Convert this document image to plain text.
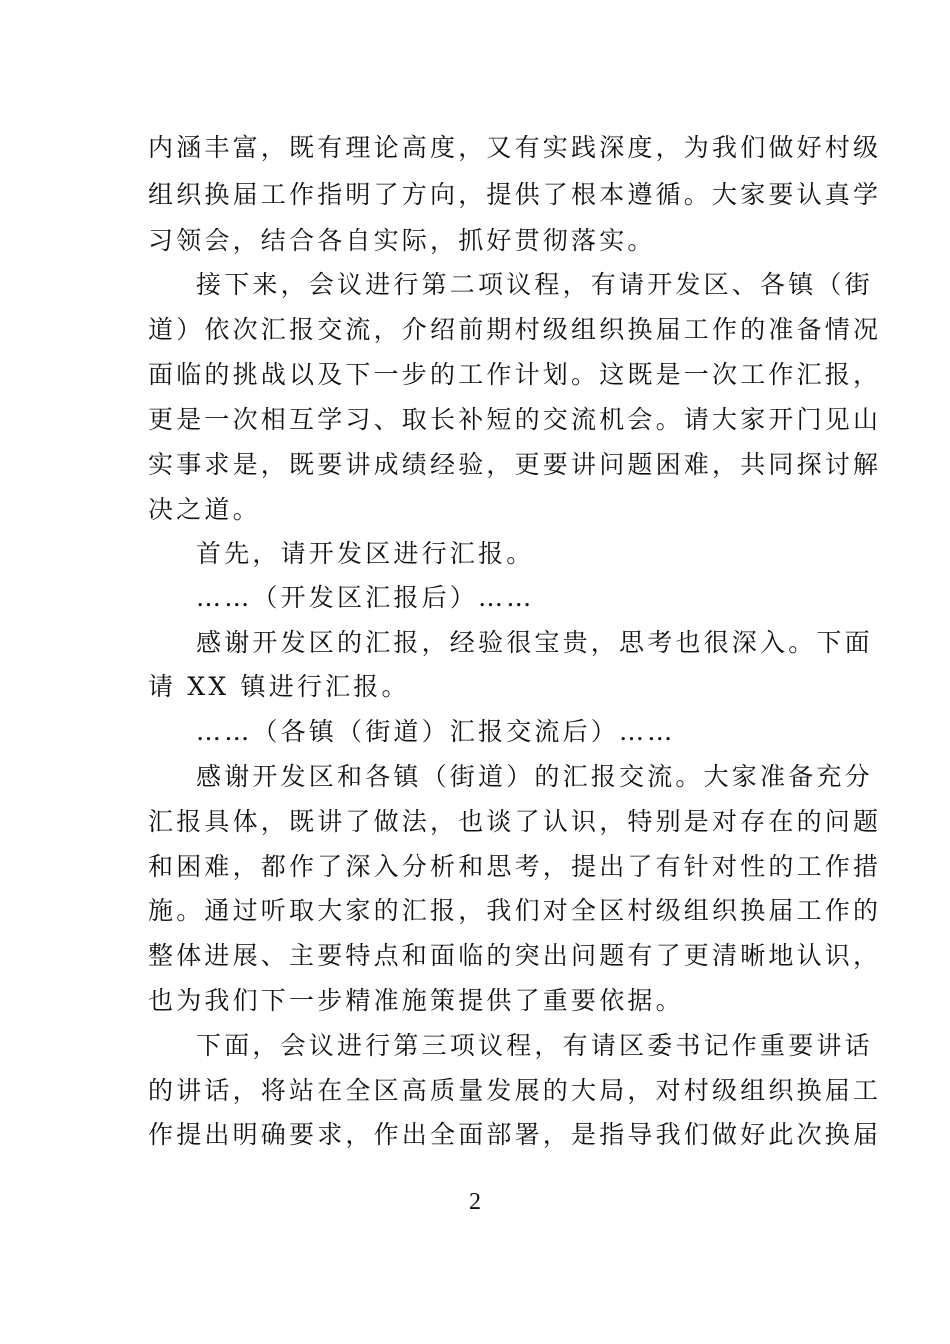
内涵丰富，既有理论高度，又有实践深度，为我们做好村级
组织换届工作指明了方向，提供了根本遵循。大家要认真学
习领会，结合各自实际，抓好贯彻落实。
接下来，会议进行第二项议程，有请开发区、各镇（街
道）依次汇报交流，介绍前期村级组织换届工作的准备情况
面临的挑战以及下一步的工作计划。这既是一次工作汇报，
更是一次相互学习、取长补短的交流机会。请大家开门见山
实事求是，既要讲成绩经验，更要讲问题困难，共同探讨解
决之道。
首先，请开发区进行汇报。
……（开发区汇报后）……
感谢开发区的汇报，经验很宝贵，思考也很深入。下面
请 XX 镇进行汇报。
……（各镇（街道）汇报交流后）……
感谢开发区和各镇（街道）的汇报交流。大家准备充分
汇报具体，既讲了做法，也谈了认识，特别是对存在的问题
和困难，都作了深入分析和思考，提出了有针对性的工作措
施。通过听取大家的汇报，我们对全区村级组织换届工作的
整体进展、主要特点和面临的突出问题有了更清晰地认识，
也为我们下一步精准施策提供了重要依据。
下面，会议进行第三项议程，有请区委书记作重要讲话
的讲话，将站在全区高质量发展的大局，对村级组织换届工
作提出明确要求，作出全面部署，是指导我们做好此次换届
2
